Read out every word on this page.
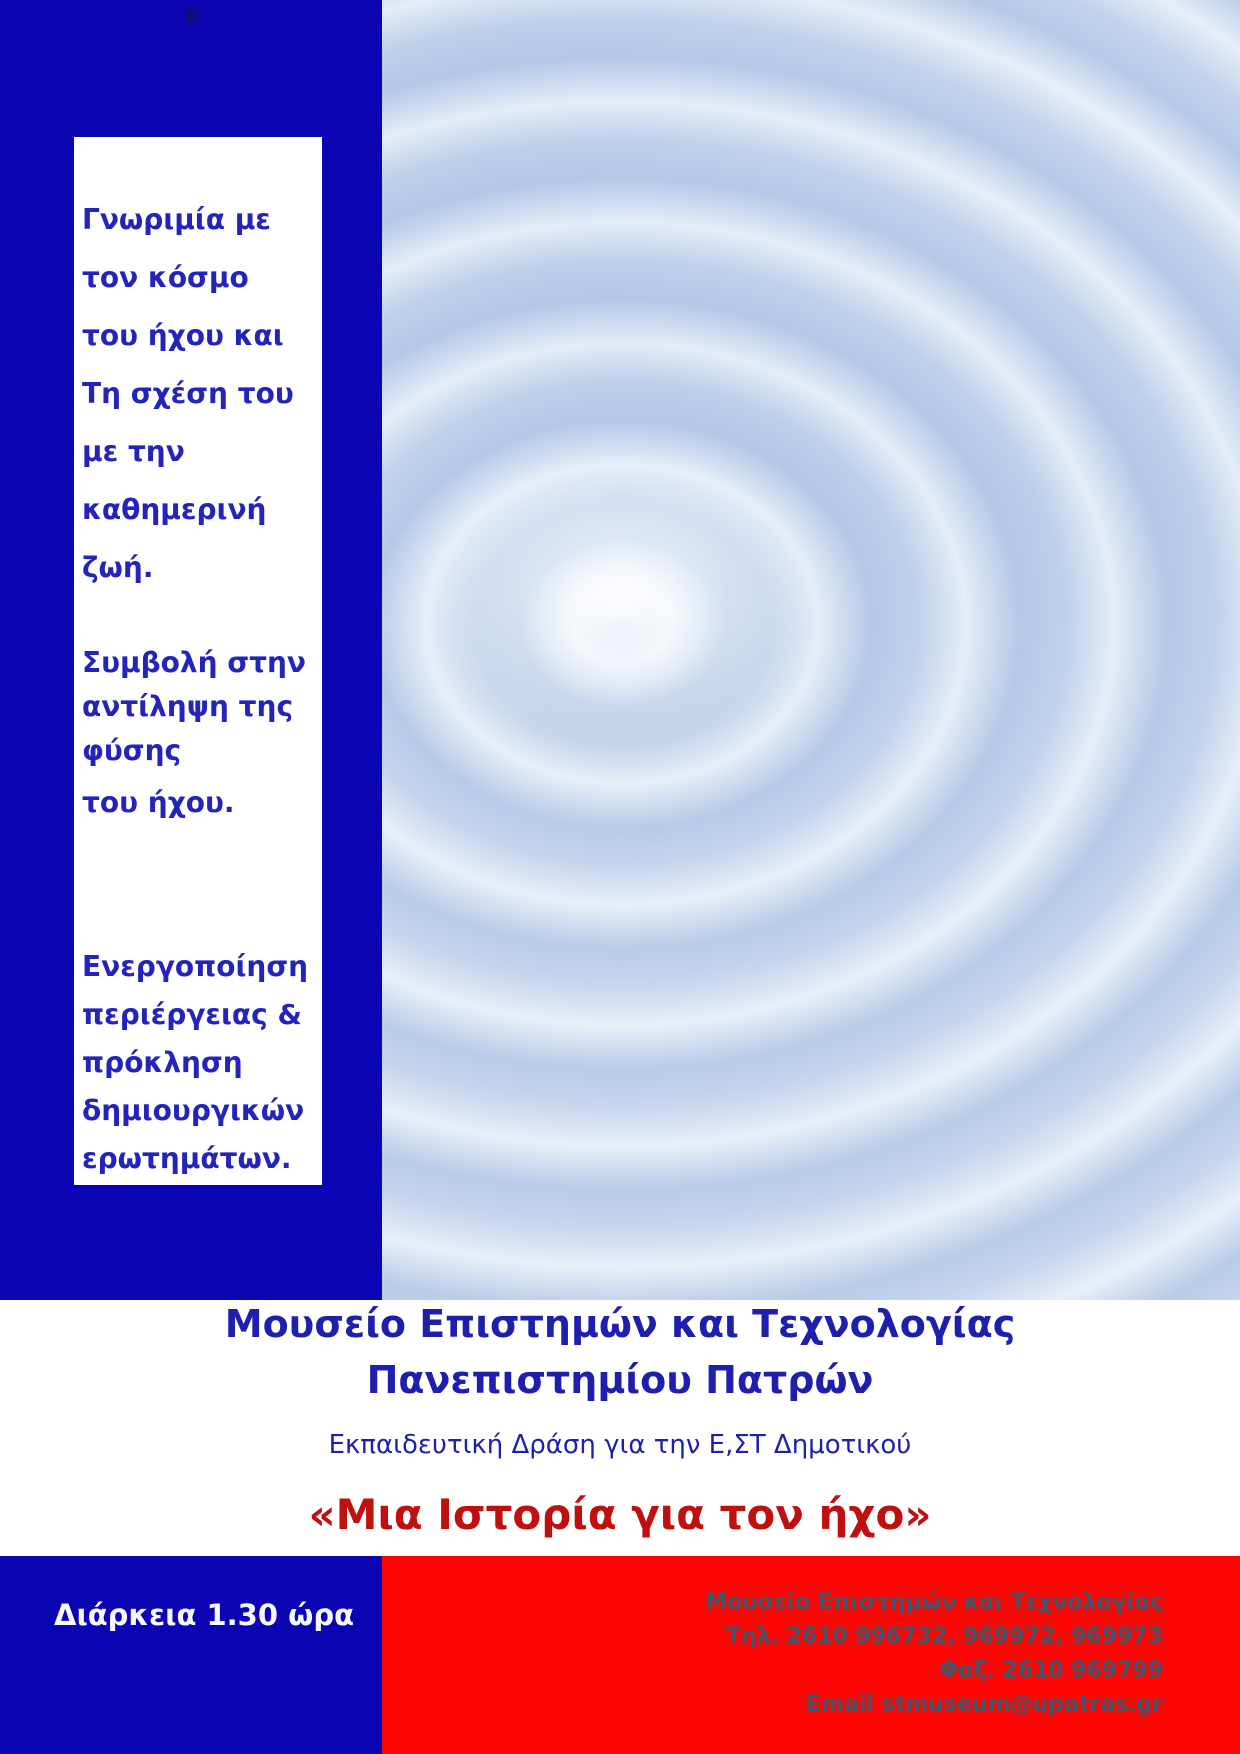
D
Γνωριμία με
τον κόσμο
του ήχου και
Τη σχέση του
με την
καθημερινή
ζωή.
Συμβολή στην
αντίληψη της
φύσης
του ήχου.
Ενεργοποίηση
περιέργειας &
πρόκληση
δημιουργικών
ερωτημάτων.
Μουσείο Επιστημών και Τεχνολογίας
Πανεπιστημίου Πατρών
Εκπαιδευτική Δράση για την Ε,ΣΤ Δημοτικού
«Μια Ιστορία για τον ήχο»
Διάρκεια 1.30 ώρα	Μουσείο Επιστημών και Τεχνολογίας
Τηλ. 2610 996732, 969972, 969973
Φαξ. 2610 969799
Email stmuseum@upatras.gr
